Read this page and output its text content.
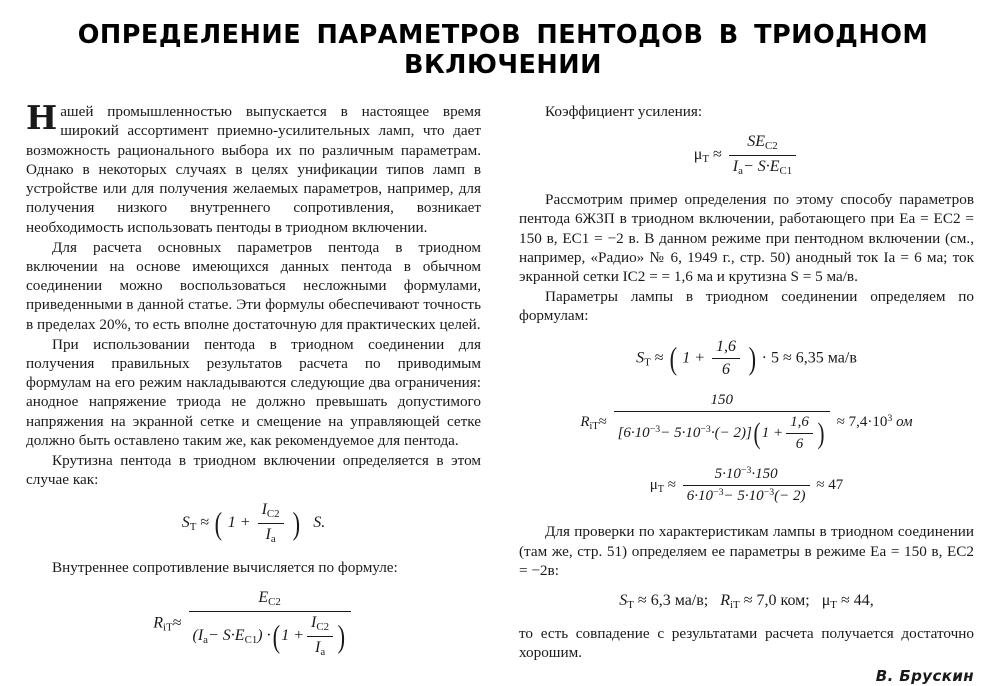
ОПРЕДЕЛЕНИЕ ПАРАМЕТРОВ ПЕНТОДОВ В ТРИОДНОМ ВКЛЮЧЕНИИ

Нашей промышленностью выпускается в настоящее время широкий ассортимент приемно-усилительных ламп, что дает возможность рационального выбора их по различным параметрам. Однако в некоторых случаях в целях унификации типов ламп в устройстве или для получения желаемых параметров, например, для получения низкого внутреннего сопротивления, возникает необходимость использовать пентоды в триодном включении.

Для расчета основных параметров пентода в триодном включении на основе имеющихся данных пентода в обычном соединении можно воспользоваться несложными формулами, приведенными в данной статье. Эти формулы обеспечивают точность в пределах 20%, то есть вполне достаточную для практических целей.

При использовании пентода в триодном соединении для получения правильных результатов расчета по приводимым формулам на его режим накладываются следующие два ограничения: анодное напряжение триода не должно превышать допустимого напряжения на экранной сетке и смещение на управляющей сетке должно быть оставлено таким же, как рекомендуемое для пентода.

Крутизна пентода в триодном включении определяется в этом случае как:

$S_T$ ≈ ( $1 + \frac{I_{C2}}{I_a}$ ) S.

Внутреннее сопротивление вычисляется по формуле:

$R_{iT}\approx \frac{E_{C2}}{(I_a- S\cdot E_{C1}) \cdot(1 + \frac{I_{C2}}{I_a} )}$

Коэффициент усиления:

$\mu_T \approx \frac{SE_{C2}}{I_a- S\cdot E_{C1}}$

Рассмотрим пример определения по этому способу параметров пентода 6Ж3П в триодном включении, работающего при Ea = EC2 = 150 в, EC1 = −2 в. В данном режиме при пентодном включении (см., например, «Радио» № 6, 1949 г., стр. 50) анодный ток Ia = 6 ма; ток экранной сетки IC2 = = 1,6 ма и крутизна S = 5 ма/в.

Параметры лампы в триодном соединении определяем по формулам:

$S_T$ ≈ ( $1 + \frac{1,6}{6}$ ) · 5 ≈ 6,35 ма/в
$R_{iT}\approx \frac{150}{[6\cdot 10^{-3}- 5\cdot 10^{-3}\cdot(- 2)]( 1 + \frac{1,6}{6} )} \approx 7,4\cdot 10^3$ ом
$\mu_T \approx \frac{5\cdot 10^{-3}\cdot 150}{6\cdot 10^{-3}- 5\cdot 10^{-3}(- 2)} \approx 47$

Для проверки по характеристикам лампы в триодном соединении (там же, стр. 51) определяем ее параметры в режиме Ea = 150 в, EC2 = −2в:

$S_T \approx 6,3$ ма/в; $R_{iT} \approx 7,0$ ком; $\mu_T \approx 44$,

то есть совпадение с результатами расчета получается достаточно хорошим.

В. Брускин
